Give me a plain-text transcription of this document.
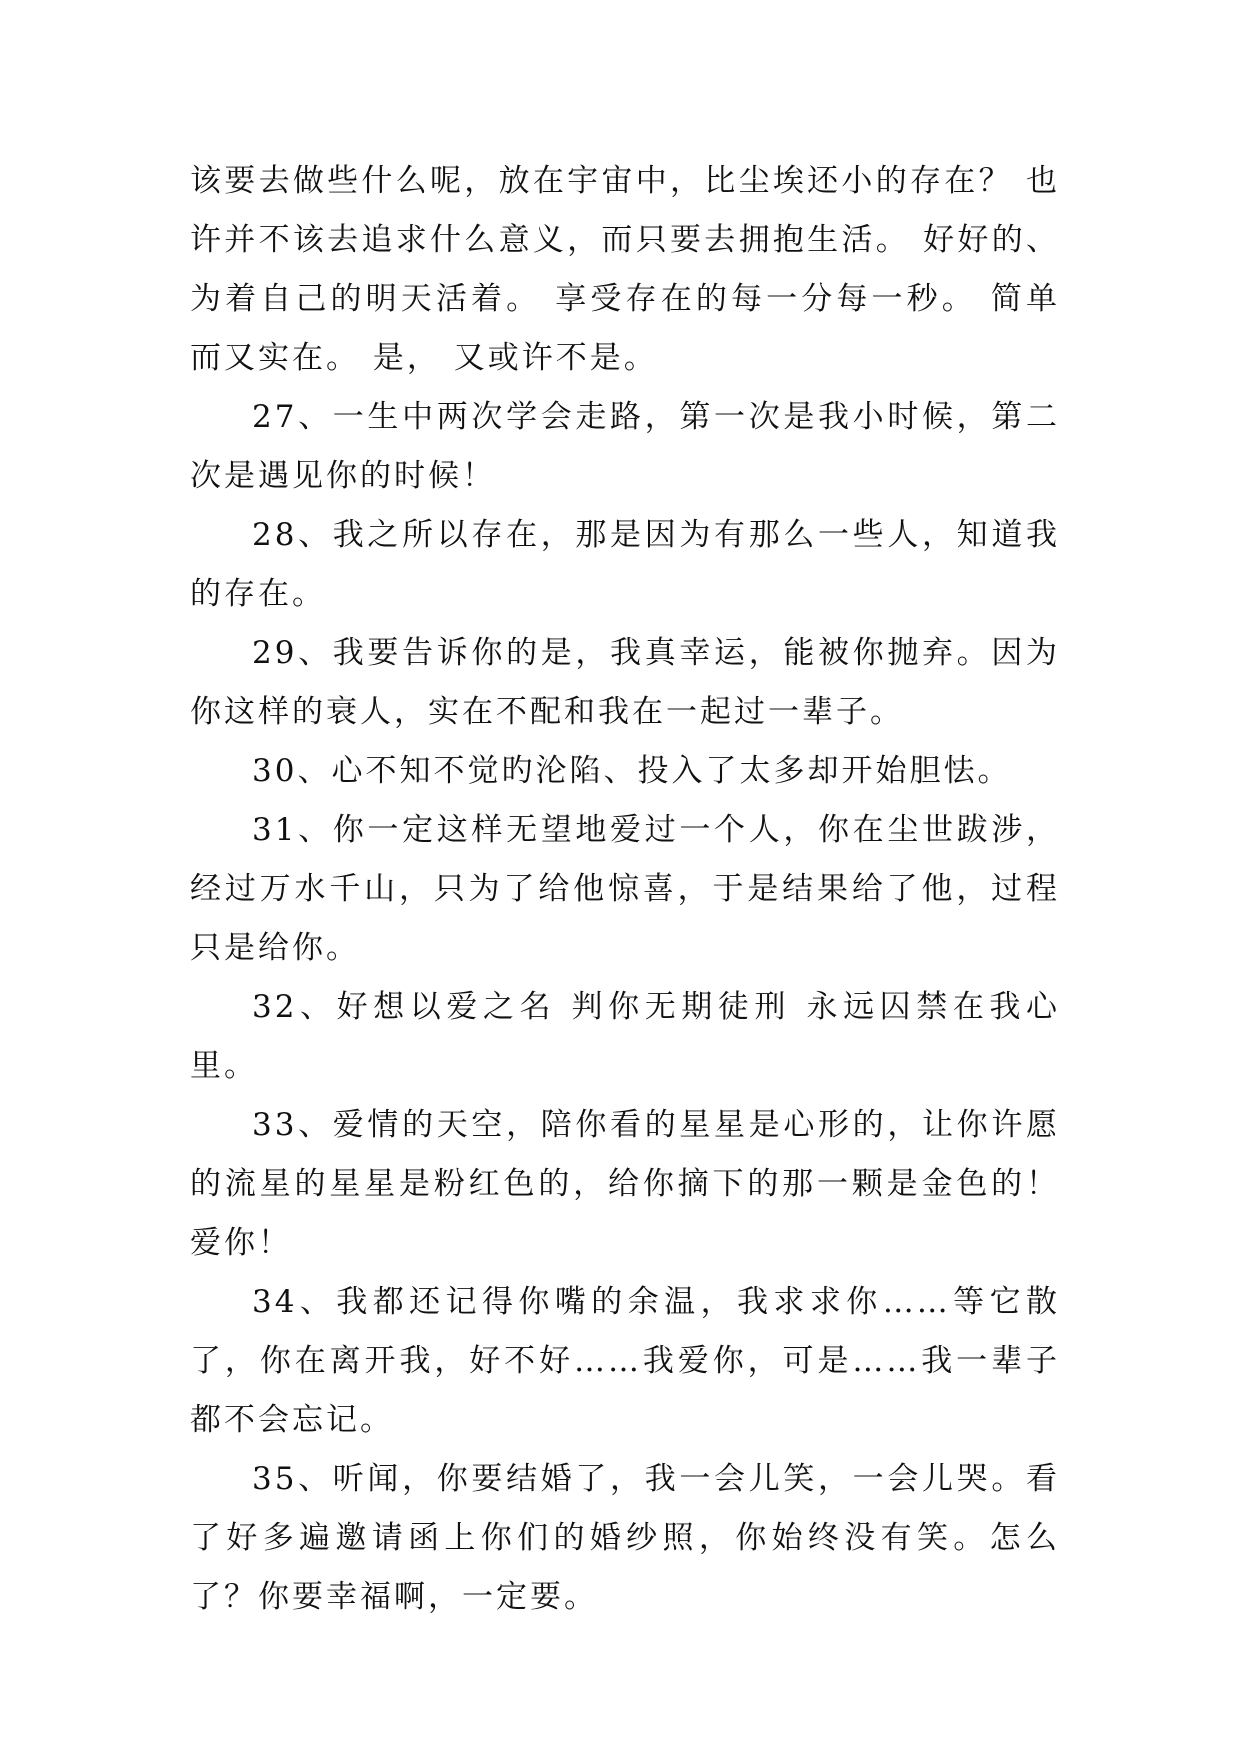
该要去做些什么呢，放在宇宙中，比尘埃还小的存在？ 也许并不该去追求什么意义，而只要去拥抱生活。 好好的、为着自己的明天活着。 享受存在的每一分每一秒。 简单而又实在。 是， 又或许不是。

27、一生中两次学会走路，第一次是我小时候，第二次是遇见你的时候！

28、我之所以存在，那是因为有那么一些人，知道我的存在。

29、我要告诉你的是，我真幸运，能被你抛弃。因为你这样的衰人，实在不配和我在一起过一辈子。

30、心不知不觉旳沦陷、投入了太多却开始胆怯。

31、你一定这样无望地爱过一个人，你在尘世跋涉，经过万水千山，只为了给他惊喜，于是结果给了他，过程只是给你。

32、好想以爱之名 判你无期徒刑 永远囚禁在我心里。

33、爱情的天空，陪你看的星星是心形的，让你许愿的流星的星星是粉红色的，给你摘下的那一颗是金色的！爱你！

34、我都还记得你嘴的余温，我求求你……等它散了，你在离开我，好不好……我爱你，可是……我一辈子都不会忘记。

35、听闻，你要结婚了，我一会儿笑，一会儿哭。看了好多遍邀请函上你们的婚纱照，你始终没有笑。怎么了？你要幸福啊，一定要。
